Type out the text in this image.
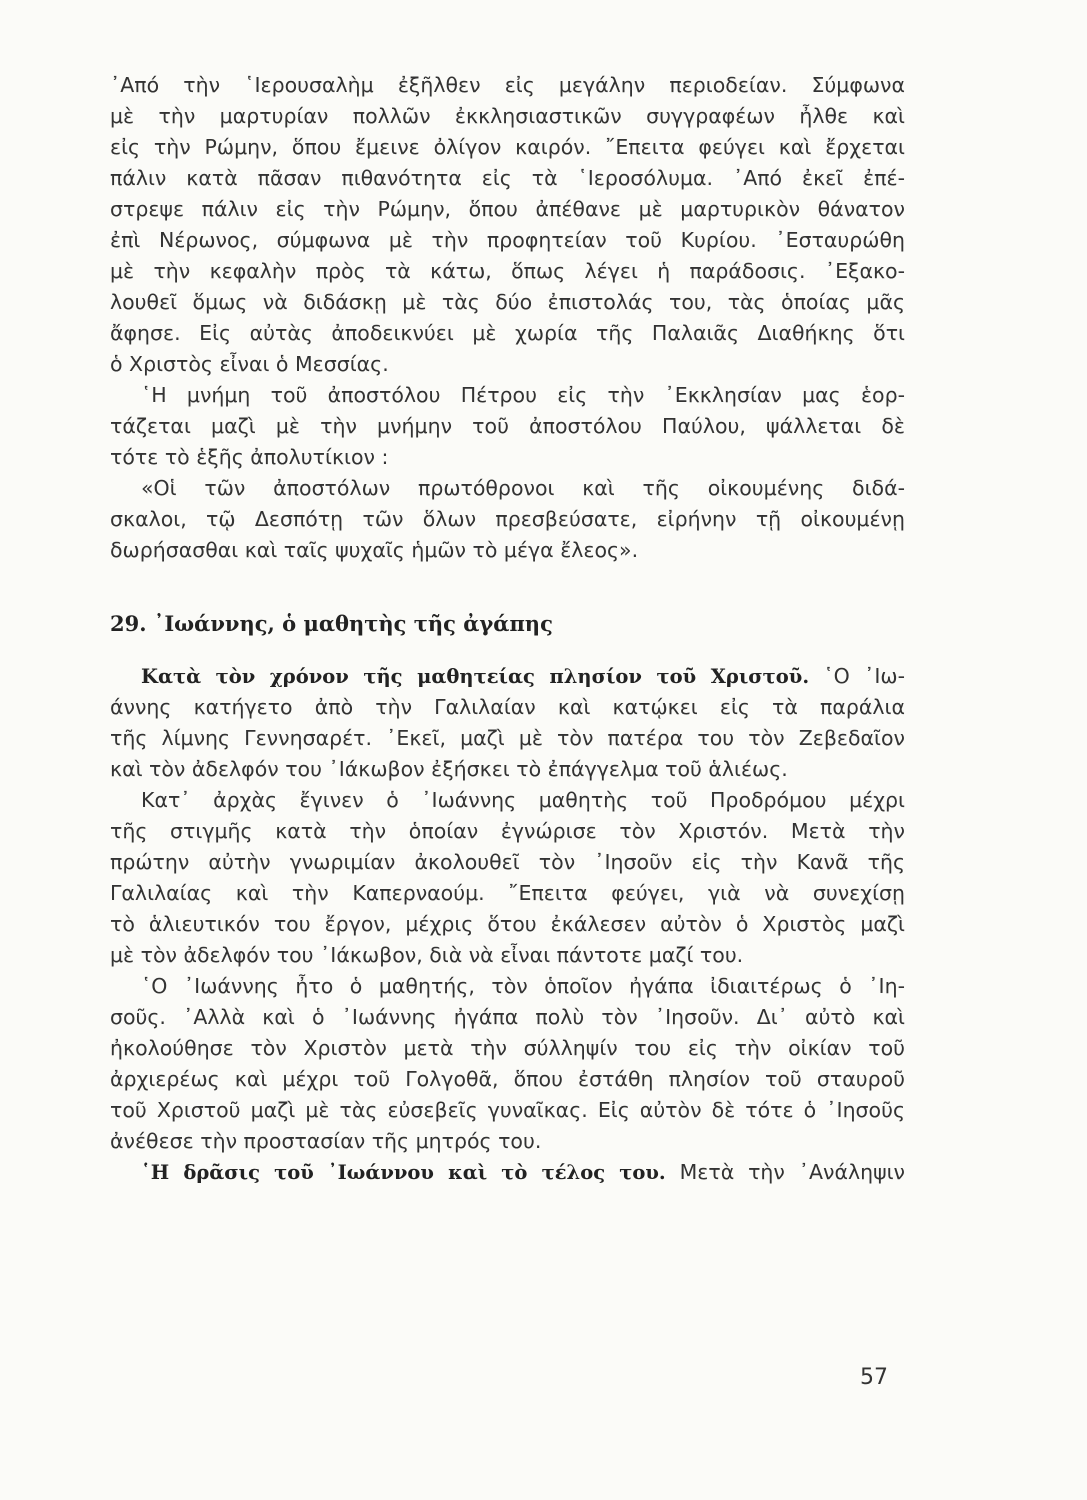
᾿Από τὴν ῾Ιερουσαλὴμ ἐξῆλθεν εἰς μεγάλην περιοδείαν. Σύμφωνα
μὲ τὴν μαρτυρίαν πολλῶν ἐκκλησιαστικῶν συγγραφέων ἦλθε καὶ
εἰς τὴν Ρώμην, ὅπου ἔμεινε ὀλίγον καιρόν. ῎Επειτα φεύγει καὶ ἔρχεται
πάλιν κατὰ πᾶσαν πιθανότητα εἰς τὰ ῾Ιεροσόλυμα. ᾿Από ἐκεῖ ἐπέ-
στρεψε πάλιν εἰς τὴν Ρώμην, ὅπου ἀπέθανε μὲ μαρτυρικὸν θάνατον
ἐπὶ Νέρωνος, σύμφωνα μὲ τὴν προφητείαν τοῦ Κυρίου. ᾿Εσταυρώθη
μὲ τὴν κεφαλὴν πρὸς τὰ κάτω, ὅπως λέγει ἡ παράδοσις. ᾿Εξακο-
λουθεῖ ὅμως νὰ διδάσκῃ μὲ τὰς δύο ἐπιστολάς του, τὰς ὁποίας μᾶς
ἄφησε. Εἰς αὐτὰς ἀποδεικνύει μὲ χωρία τῆς Παλαιᾶς Διαθήκης ὅτι
ὁ Χριστὸς εἶναι ὁ Μεσσίας.
῾Η μνήμη τοῦ ἀποστόλου Πέτρου εἰς τὴν ᾿Εκκλησίαν μας ἑορ-
τάζεται μαζὶ μὲ τὴν μνήμην τοῦ ἀποστόλου Παύλου, ψάλλεται δὲ
τότε τὸ ἑξῆς ἀπολυτίκιον :
«Οἱ τῶν ἀποστόλων πρωτόθρονοι καὶ τῆς οἰκουμένης διδά-
σκαλοι, τῷ Δεσπότῃ τῶν ὅλων πρεσβεύσατε, εἰρήνην τῇ οἰκουμένῃ
δωρήσασθαι καὶ ταῖς ψυχαῖς ἡμῶν τὸ μέγα ἔλεος».
29. ᾿Ιωάννης, ὁ μαθητὴς τῆς ἀγάπης
Κατὰ τὸν χρόνον τῆς μαθητείας πλησίον τοῦ Χριστοῦ. ῾Ο ᾿Ιω-
άννης κατήγετο ἀπὸ τὴν Γαλιλαίαν καὶ κατῴκει εἰς τὰ παράλια
τῆς λίμνης Γεννησαρέτ. ᾿Εκεῖ, μαζὶ μὲ τὸν πατέρα του τὸν Ζεβεδαῖον
καὶ τὸν ἀδελφόν του ᾿Ιάκωβον ἐξήσκει τὸ ἐπάγγελμα τοῦ ἁλιέως.
Κατ᾿ ἀρχὰς ἔγινεν ὁ ᾿Ιωάννης μαθητὴς τοῦ Προδρόμου μέχρι
τῆς στιγμῆς κατὰ τὴν ὁποίαν ἐγνώρισε τὸν Χριστόν. Μετὰ τὴν
πρώτην αὐτὴν γνωριμίαν ἀκολουθεῖ τὸν ᾿Ιησοῦν εἰς τὴν Κανᾶ τῆς
Γαλιλαίας καὶ τὴν Καπερναούμ. ῎Επειτα φεύγει, γιὰ νὰ συνεχίσῃ
τὸ ἁλιευτικόν του ἔργον, μέχρις ὅτου ἐκάλεσεν αὐτὸν ὁ Χριστὸς μαζὶ
μὲ τὸν ἀδελφόν του ᾿Ιάκωβον, διὰ νὰ εἶναι πάντοτε μαζί του.
῾Ο ᾿Ιωάννης ἦτο ὁ μαθητής, τὸν ὁποῖον ἠγάπα ἰδιαιτέρως ὁ ᾿Ιη-
σοῦς. ᾿Αλλὰ καὶ ὁ ᾿Ιωάννης ἠγάπα πολὺ τὸν ᾿Ιησοῦν. Δι᾿ αὐτὸ καὶ
ἠκολούθησε τὸν Χριστὸν μετὰ τὴν σύλληψίν του εἰς τὴν οἰκίαν τοῦ
ἀρχιερέως καὶ μέχρι τοῦ Γολγοθᾶ, ὅπου ἐστάθη πλησίον τοῦ σταυροῦ
τοῦ Χριστοῦ μαζὶ μὲ τὰς εὐσεβεῖς γυναῖκας. Εἰς αὐτὸν δὲ τότε ὁ ᾿Ιησοῦς
ἀνέθεσε τὴν προστασίαν τῆς μητρός του.
῾Η δρᾶσις τοῦ ᾿Ιωάννου καὶ τὸ τέλος του. Μετὰ τὴν ᾿Ανάληψιν
57
